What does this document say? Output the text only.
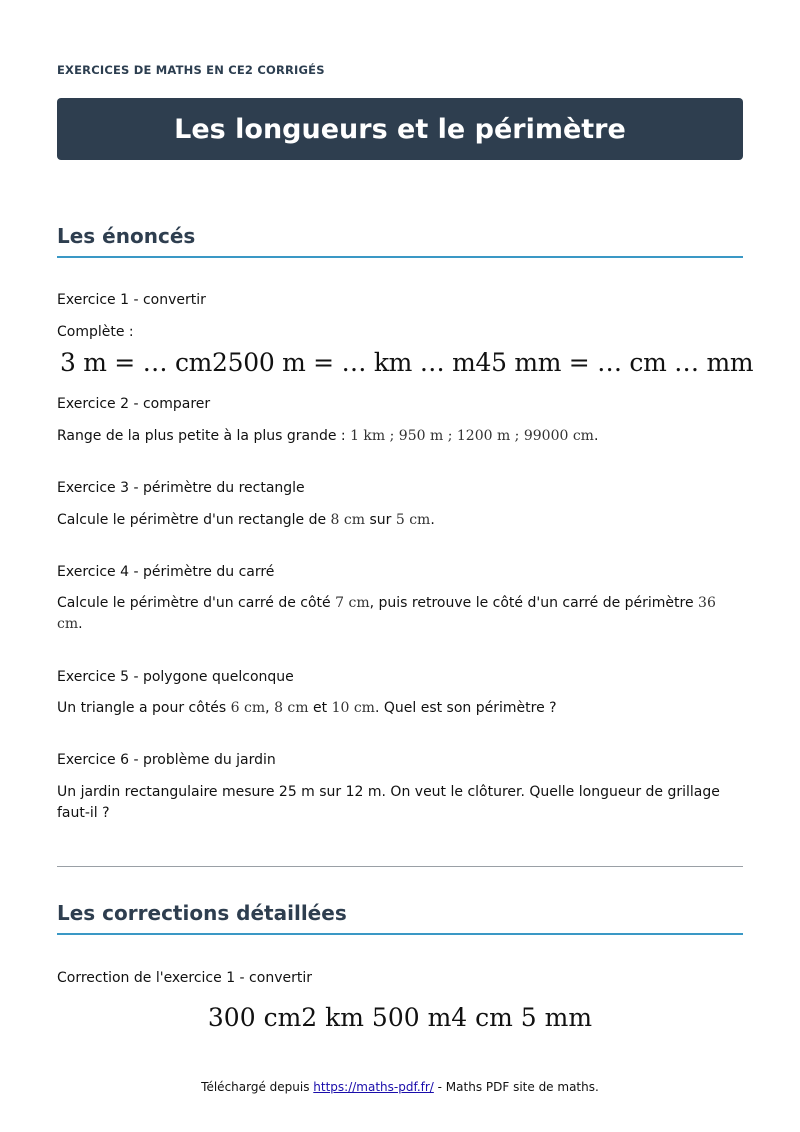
EXERCICES DE MATHS EN CE2 CORRIGÉS
Les longueurs et le périmètre
Les énoncés
Exercice 1 - convertir
Complète :
3 m = … cm2500 m = … km … m45 mm = … cm … mm
Exercice 2 - comparer
Range de la plus petite à la plus grande : 1 km ; 950 m ; 1200 m ; 99000 cm.
Exercice 3 - périmètre du rectangle
Calcule le périmètre d'un rectangle de 8 cm sur 5 cm.
Exercice 4 - périmètre du carré
Calcule le périmètre d'un carré de côté 7 cm, puis retrouve le côté d'un carré de périmètre 36 cm.
Exercice 5 - polygone quelconque
Un triangle a pour côtés 6 cm, 8 cm et 10 cm. Quel est son périmètre ?
Exercice 6 - problème du jardin
Un jardin rectangulaire mesure 25 m sur 12 m. On veut le clôturer. Quelle longueur de grillage faut-il ?
Les corrections détaillées
Correction de l'exercice 1 - convertir
300 cm2 km 500 m4 cm 5 mm
Téléchargé depuis https://maths-pdf.fr/ - Maths PDF site de maths.
